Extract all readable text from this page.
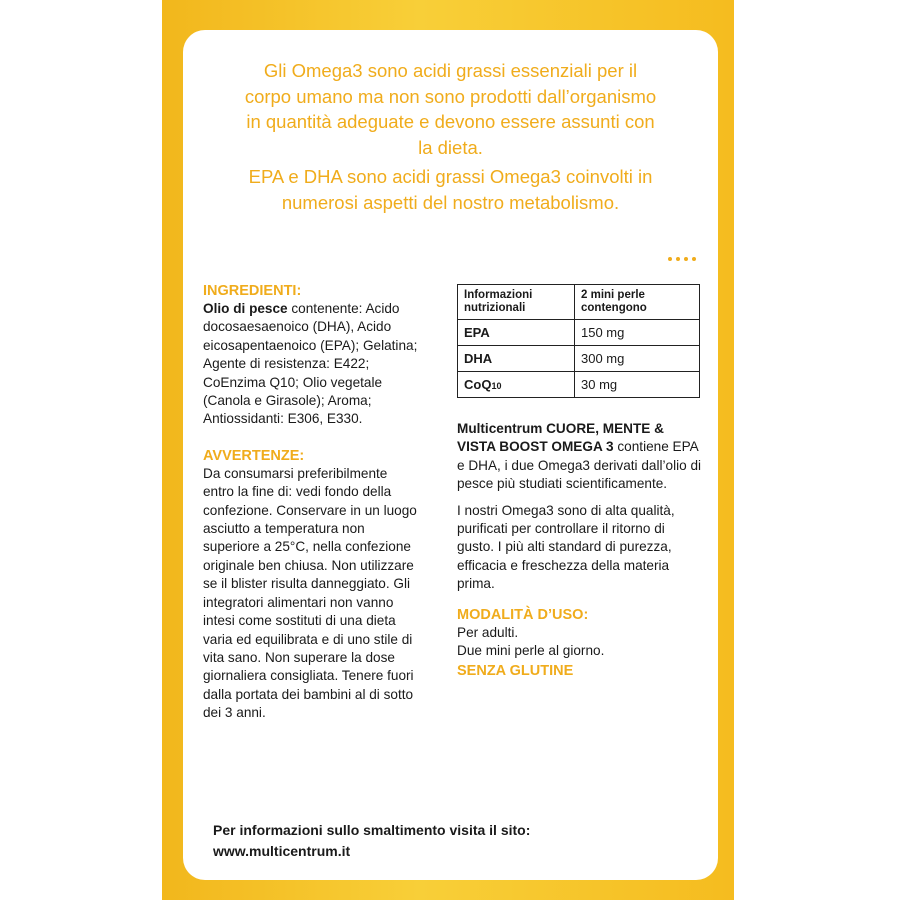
Gli Omega3 sono acidi grassi essenziali per il corpo umano ma non sono prodotti dall’organismo in quantità adeguate e devono essere assunti con la dieta.

EPA e DHA sono acidi grassi Omega3 coinvolti in numerosi aspetti del nostro metabolismo.

INGREDIENTI:

Olio di pesce contenente: Acido docosaesaenoico (DHA), Acido eicosapentaenoico (EPA); Gelatina; Agente di resistenza: E422; CoEnzima Q10; Olio vegetale (Canola e Girasole); Aroma; Antiossidanti: E306, E330.

AVVERTENZE:

Da consumarsi preferibilmente entro la fine di: vedi fondo della confezione. Conservare in un luogo asciutto a temperatura non superiore a 25°C, nella confezione originale ben chiusa. Non utilizzare se il blister risulta danneggiato. Gli integratori alimentari non vanno intesi come sostituti di una dieta varia ed equilibrata e di uno stile di vita sano. Non superare la dose giornaliera consigliata. Tenere fuori dalla portata dei bambini al di sotto dei 3 anni.

Informazioni nutrizionali	2 mini perle contengono
EPA	150 mg
DHA	300 mg
CoQ10	30 mg

Multicentrum CUORE, MENTE & VISTA BOOST OMEGA 3 contiene EPA e DHA, i due Omega3 derivati dall’olio di pesce più studiati scientificamente.

I nostri Omega3 sono di alta qualità, purificati per controllare il ritorno di gusto. I più alti standard di purezza, efficacia e freschezza della materia prima.

MODALITÀ D’USO:

Per adulti.

Due mini perle al giorno.

SENZA GLUTINE

Per informazioni sullo smaltimento visita il sito:

www.multicentrum.it
